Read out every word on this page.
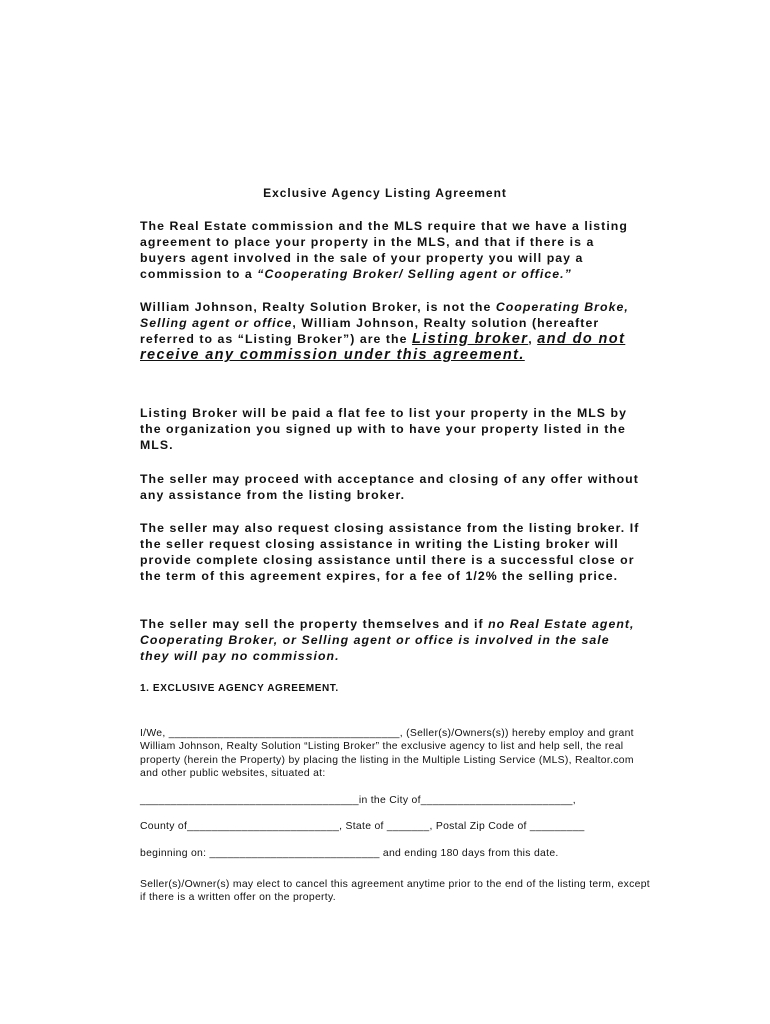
Exclusive Agency Listing Agreement

The Real Estate commission and the MLS require that we have a listing agreement to place your property in the MLS, and that if there is a buyers agent involved in the sale of your property you will pay a commission to a “Cooperating Broker/ Selling agent or office.”

William Johnson, Realty Solution Broker, is not the Cooperating Broke, Selling agent or office, William Johnson, Realty solution (hereafter referred to as “Listing Broker”) are the Listing broker, and do not receive any commission under this agreement.

Listing Broker will be paid a flat fee to list your property in the MLS by the organization you signed up with to have your property listed in the MLS.

The seller may proceed with acceptance and closing of any offer without any assistance from the listing broker.

The seller may also request closing assistance from the listing broker. If the seller request closing assistance in writing the Listing broker will provide complete closing assistance until there is a successful close or the term of this agreement expires, for a fee of 1/2% the selling price.

The seller may sell the property themselves and if no Real Estate agent, Cooperating Broker, or Selling agent or office is involved in the sale they will pay no commission.

1. EXCLUSIVE AGENCY AGREEMENT.

I/We, ______________________________________, (Seller(s)/Owners(s)) hereby employ and grant William Johnson, Realty Solution “Listing Broker” the exclusive agency to list and help sell, the real property (herein the Property) by placing the listing in the Multiple Listing Service (MLS), Realtor.com and other public websites, situated at:

____________________________________in the City of_________________________,

County of_________________________, State of _______, Postal Zip Code of _________

beginning on: ____________________________ and ending 180 days from this date.

Seller(s)/Owner(s) may elect to cancel this agreement anytime prior to the end of the listing term, except if there is a written offer on the property.
